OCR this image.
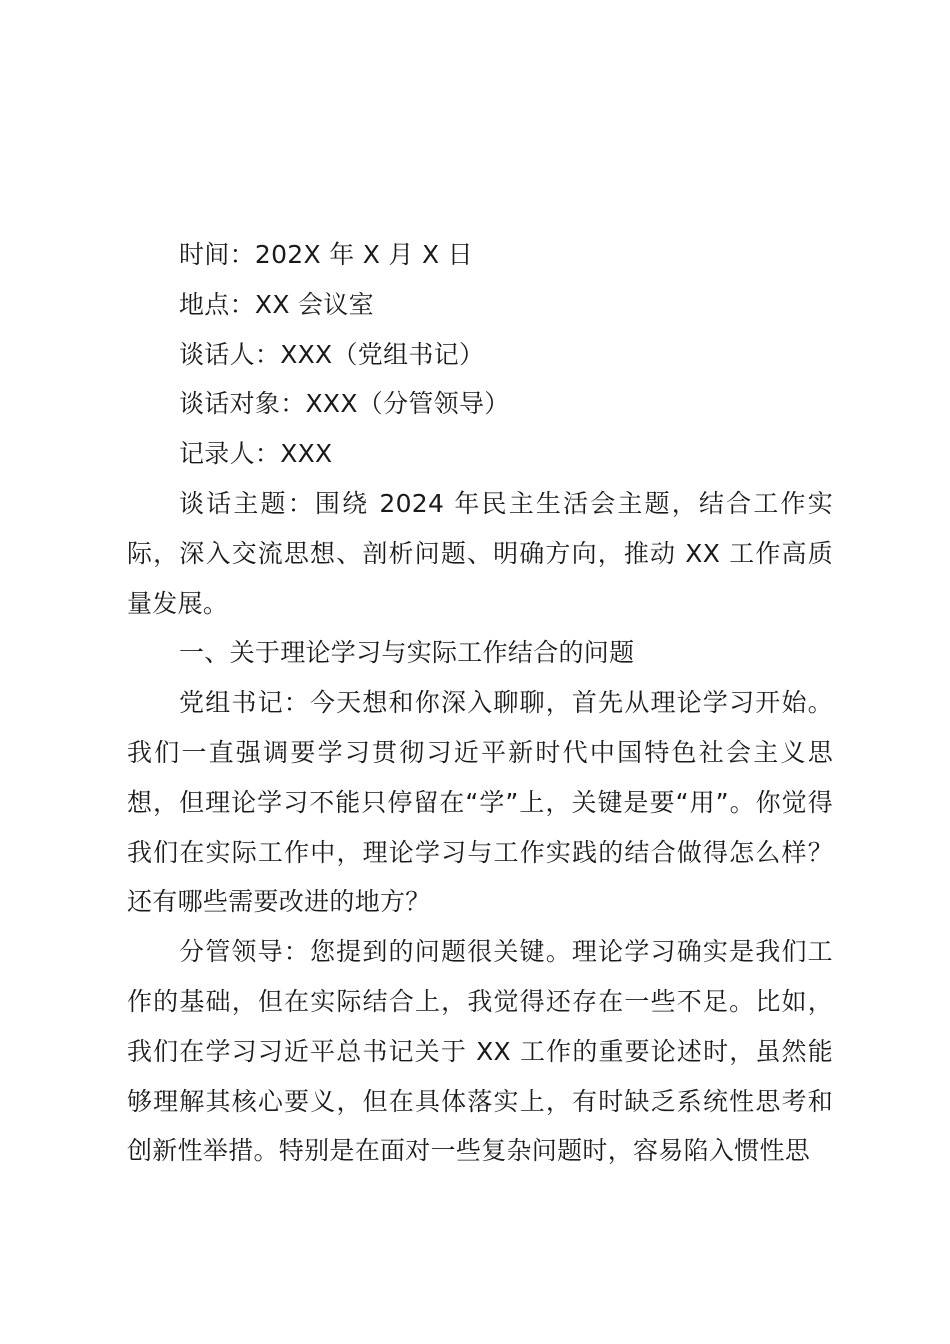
时间：202X 年 X 月 X 日

地点：XX 会议室

谈话人：XXX（党组书记）

谈话对象：XXX（分管领导）

记录人：XXX

谈话主题：围绕 2024 年民主生活会主题，结合工作实际，深入交流思想、剖析问题、明确方向，推动 XX 工作高质量发展。

一、关于理论学习与实际工作结合的问题

党组书记：今天想和你深入聊聊，首先从理论学习开始。我们一直强调要学习贯彻习近平新时代中国特色社会主义思想，但理论学习不能只停留在“学”上，关键是要“用”。你觉得我们在实际工作中，理论学习与工作实践的结合做得怎么样？还有哪些需要改进的地方？

分管领导：您提到的问题很关键。理论学习确实是我们工作的基础，但在实际结合上，我觉得还存在一些不足。比如，我们在学习习近平总书记关于 XX 工作的重要论述时，虽然能够理解其核心要义，但在具体落实上，有时缺乏系统性思考和创新性举措。特别是在面对一些复杂问题时，容易陷入惯性思
